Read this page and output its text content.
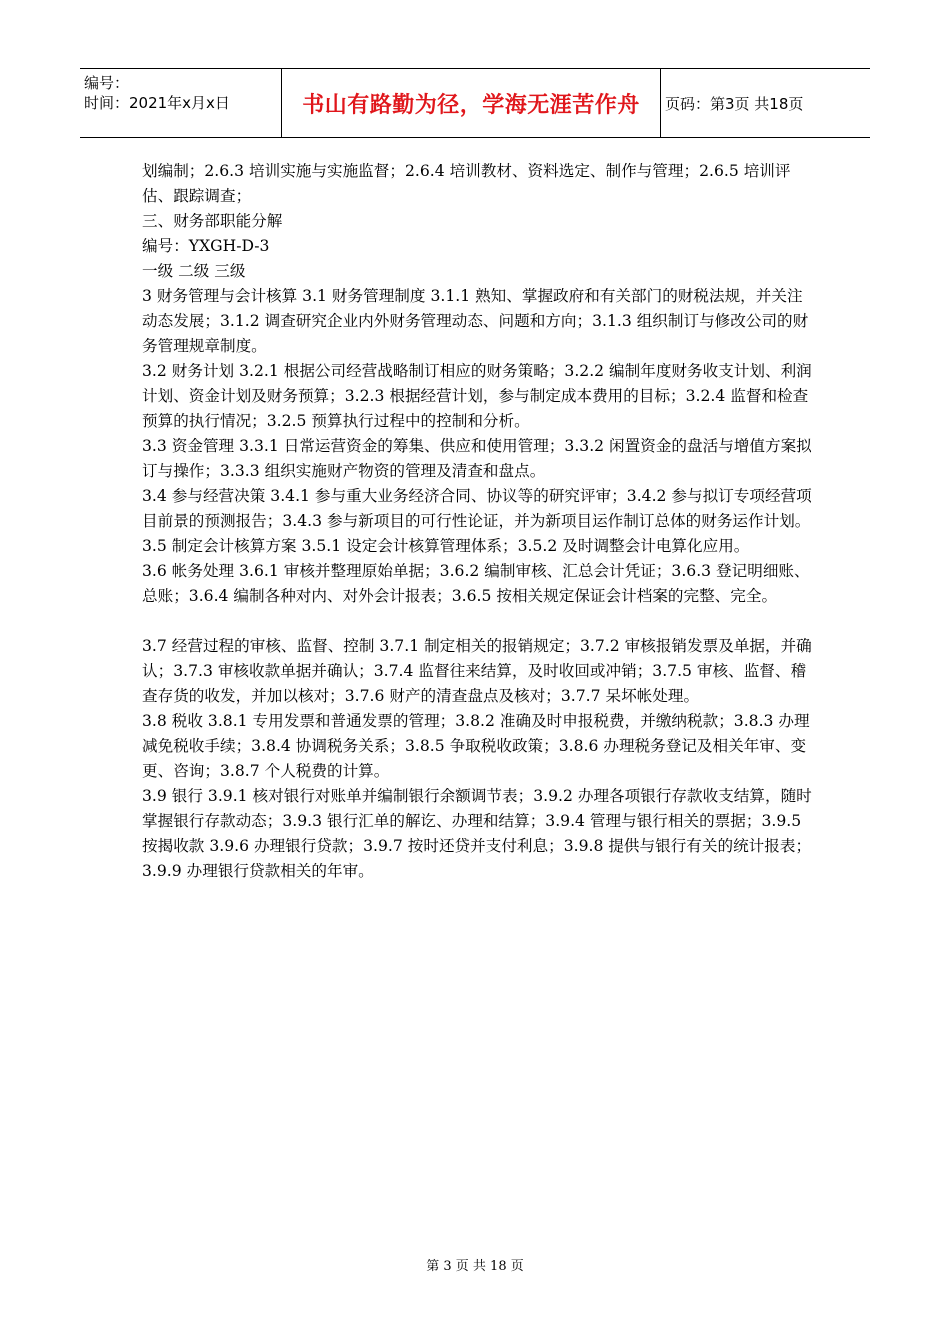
编号：
时间：2021年x月x日	书山有路勤为径，学海无涯苦作舟 页码：第3页 共18页

划编制；2.6.3 培训实施与实施监督；2.6.4 培训教材、资料选定、制作与管理；2.6.5 培训评估、跟踪调查；

三、财务部职能分解

编号：YXGH-D-3

一级 二级 三级

3 财务管理与会计核算 3.1 财务管理制度 3.1.1 熟知、掌握政府和有关部门的财税法规，并关注动态发展；3.1.2 调查研究企业内外财务管理动态、问题和方向；3.1.3 组织制订与修改公司的财务管理规章制度。

3.2 财务计划 3.2.1 根据公司经营战略制订相应的财务策略；3.2.2 编制年度财务收支计划、利润计划、资金计划及财务预算；3.2.3 根据经营计划，参与制定成本费用的目标；3.2.4 监督和检查预算的执行情况；3.2.5 预算执行过程中的控制和分析。

3.3 资金管理 3.3.1 日常运营资金的筹集、供应和使用管理；3.3.2 闲置资金的盘活与增值方案拟订与操作；3.3.3 组织实施财产物资的管理及清查和盘点。

3.4 参与经营决策 3.4.1 参与重大业务经济合同、协议等的研究评审；3.4.2 参与拟订专项经营项目前景的预测报告；3.4.3 参与新项目的可行性论证，并为新项目运作制订总体的财务运作计划。

3.5 制定会计核算方案 3.5.1 设定会计核算管理体系；3.5.2 及时调整会计电算化应用。

3.6 帐务处理 3.6.1 审核并整理原始单据；3.6.2 编制审核、汇总会计凭证；3.6.3 登记明细账、总账；3.6.4 编制各种对内、对外会计报表；3.6.5 按相关规定保证会计档案的完整、完全。

3.7 经营过程的审核、监督、控制 3.7.1 制定相关的报销规定；3.7.2 审核报销发票及单据，并确认；3.7.3 审核收款单据并确认；3.7.4 监督往来结算，及时收回或冲销；3.7.5 审核、监督、稽查存货的收发，并加以核对；3.7.6 财产的清查盘点及核对；3.7.7 呆坏帐处理。

3.8 税收 3.8.1 专用发票和普通发票的管理；3.8.2 准确及时申报税费，并缴纳税款；3.8.3 办理减免税收手续；3.8.4 协调税务关系；3.8.5 争取税收政策；3.8.6 办理税务登记及相关年审、变更、咨询；3.8.7 个人税费的计算。

3.9 银行 3.9.1 核对银行对账单并编制银行余额调节表；3.9.2 办理各项银行存款收支结算，随时掌握银行存款动态；3.9.3 银行汇单的解讫、办理和结算；3.9.4 管理与银行相关的票据；3.9.5 按揭收款 3.9.6 办理银行贷款；3.9.7 按时还贷并支付利息；3.9.8 提供与银行有关的统计报表；3.9.9 办理银行贷款相关的年审。

第 3 页 共 18 页
